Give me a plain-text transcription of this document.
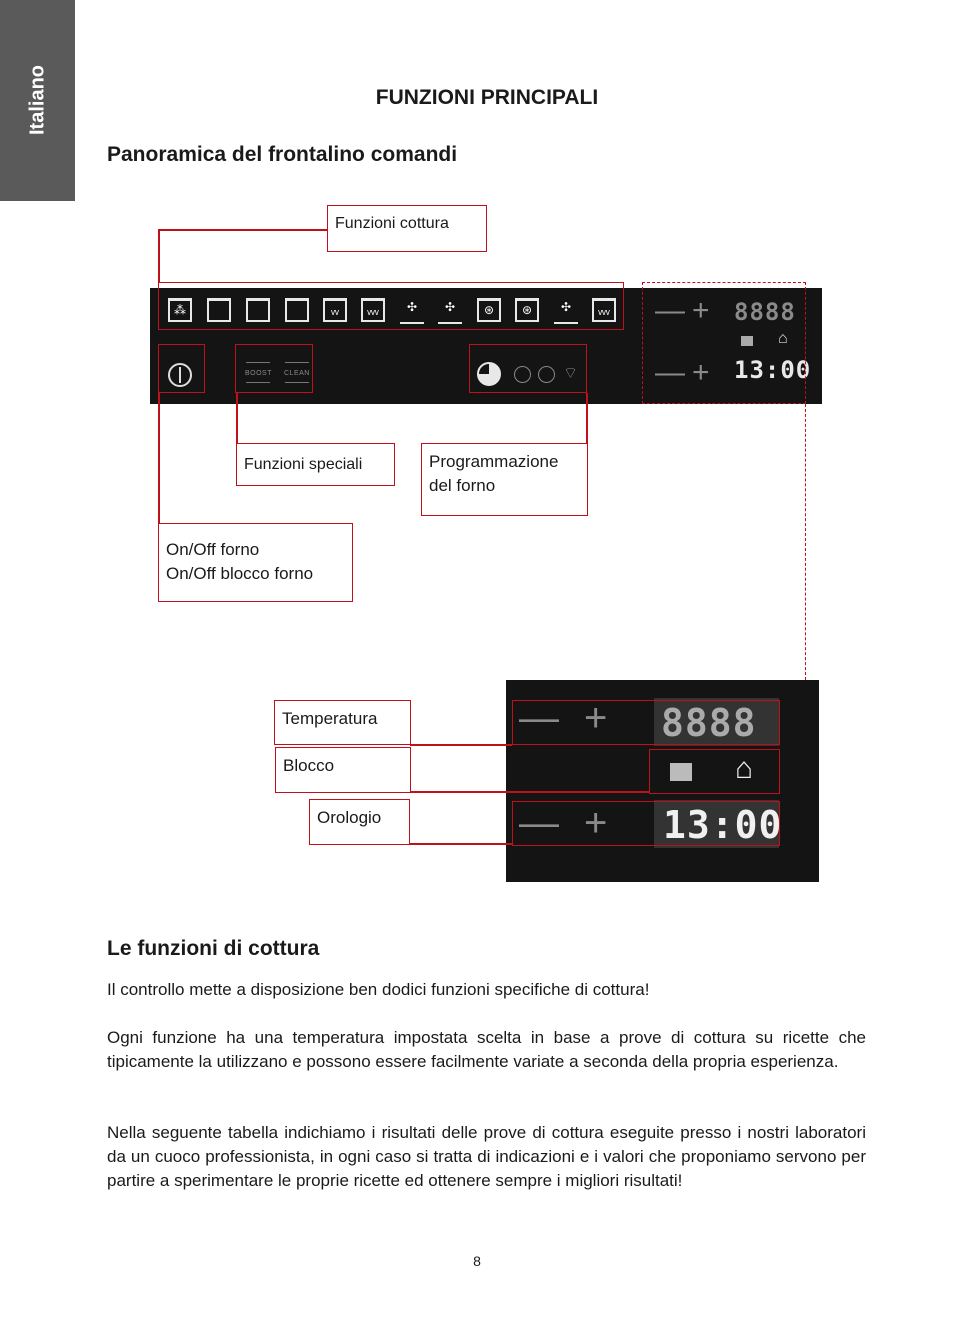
Italiano	FUNZIONI PRINCIPALI
Panoramica del frontalino comandi
⁂	ᵥᵥ	ᵥᵥᵥ	✣	✣	⊛	⊛	✣	ᵥᵥᵥ
BOOST CLEAN	⌔
— + 8888
⌂
— + 13:00
Funzioni cottura
Funzioni speciali	Programmazione
del forno
On/Off forno
On/Off blocco forno
8888
13:00
— +
— +
⌂
Temperatura
Blocco
Orologio
Le funzioni di cottura

Il controllo mette a disposizione ben dodici funzioni specifiche di cottura!

Ogni funzione ha una temperatura impostata scelta in base a prove di cottura su ricette che tipicamente la utilizzano e possono essere facilmente variate a seconda della propria esperienza.

Nella seguente tabella indichiamo i risultati delle prove di cottura eseguite presso i nostri laboratori da un cuoco professionista, in ogni caso si tratta di indicazioni e i valori che proponiamo servono per partire a sperimentare le proprie ricette ed ottenere sempre i migliori risultati!

8
